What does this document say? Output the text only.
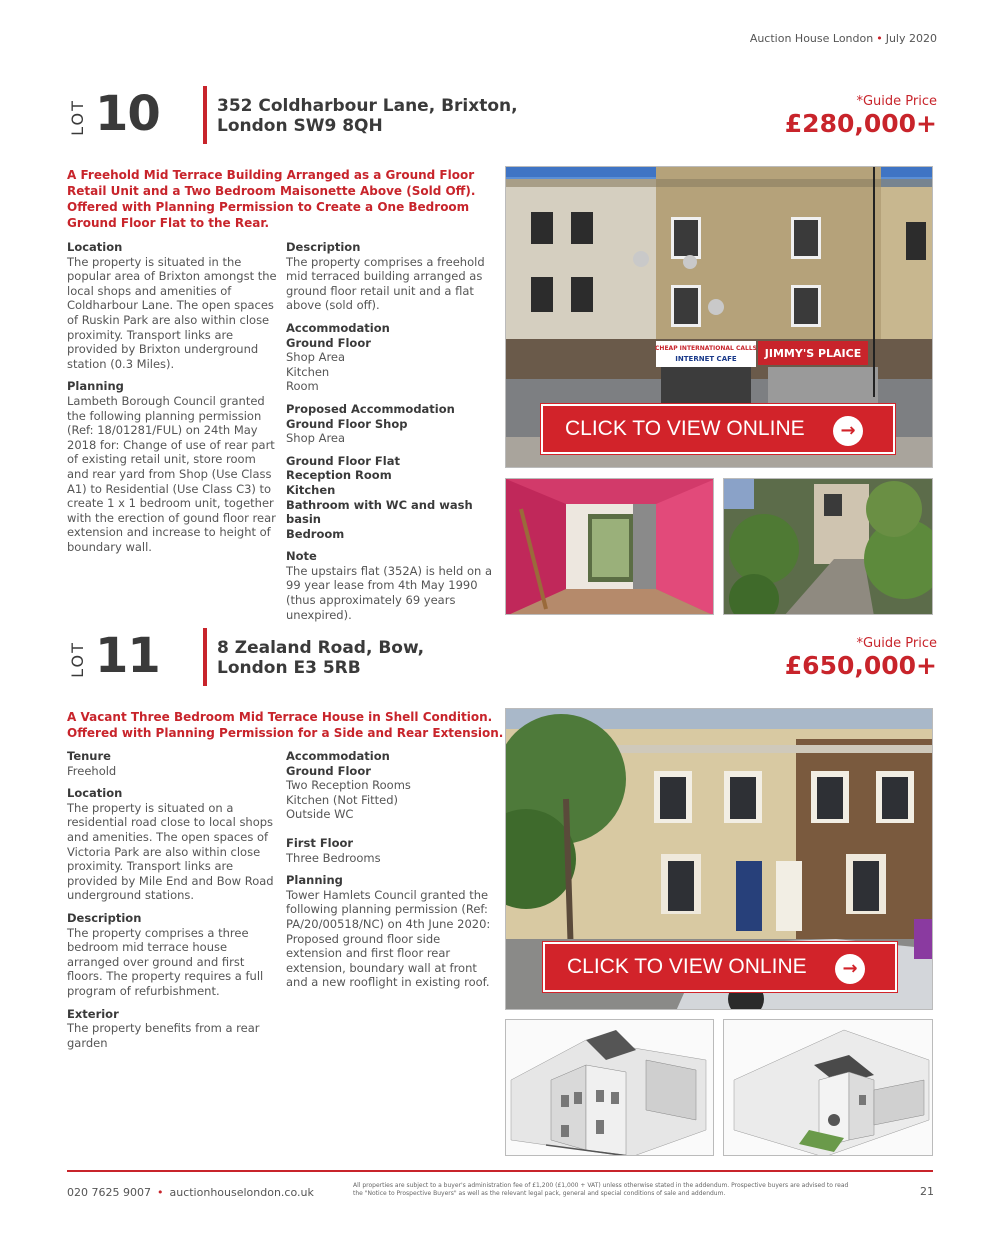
Auction House London • July 2020
LOT 10	352 Coldharbour Lane, Brixton,
London SW9 8QH
*Guide Price
£280,000+
A Freehold Mid Terrace Building Arranged as a Ground Floor Retail Unit and a Two Bedroom Maisonette Above (Sold Off). Offered with Planning Permission to Create a One Bedroom Ground Floor Flat to the Rear.
Location

The property is situated in the popular area of Brixton amongst the local shops and amenities of Coldharbour Lane. The open spaces of Ruskin Park are also within close proximity. Transport links are provided by Brixton underground station (0.3 Miles).

Planning

Lambeth Borough Council granted the following planning permission (Ref: 18/01281/FUL) on 24th May 2018 for: Change of use of rear part of existing retail unit, store room and rear yard from Shop (Use Class A1) to Residential (Use Class C3) to create 1 x 1 bedroom unit, together with the erection of gound floor rear extension and increase to height of boundary wall.

Description

The property comprises a freehold mid terraced building arranged as ground floor retail unit and a flat above (sold off).

Accommodation
Ground Floor
Shop Area
Kitchen
Room
Proposed Accommodation
Ground Floor Shop
Shop Area
Ground Floor Flat
Reception Room
Kitchen
Bathroom with WC and wash basin
Bedroom
Note

The upstairs flat (352A) is held on a 99 year lease from 4th May 1990 (thus approximately 69 years unexpired).

CHEAP INTERNATIONAL CALLS
INTERNET CAFE	JIMMY'S PLAICE
CLICK TO VIEW ONLINE	→
LOT 11	8 Zealand Road, Bow,
London E3 5RB
*Guide Price
£650,000+
A Vacant Three Bedroom Mid Terrace House in Shell Condition. Offered with Planning Permission for a Side and Rear Extension.
Tenure

Freehold

Location

The property is situated on a residential road close to local shops and amenities. The open spaces of Victoria Park are also within close proximity. Transport links are provided by Mile End and Bow Road underground stations.

Description

The property comprises a three bedroom mid terrace house arranged over ground and first floors. The property requires a full program of refurbishment.

Exterior

The property benefits from a rear garden

Accommodation
Ground Floor
Two Reception Rooms
Kitchen (Not Fitted)
Outside WC
First Floor
Three Bedrooms
Planning

Tower Hamlets Council granted the following planning permission (Ref: PA/20/00518/NC) on 4th June 2020: Proposed ground floor side extension and first floor rear extension, boundary wall at front and a new rooflight in existing roof.

CLICK TO VIEW ONLINE	→
020 7625 9007 • auctionhouselondon.co.uk
All properties are subject to a buyer's administration fee of £1,200 (£1,000 + VAT) unless otherwise stated in the addendum. Prospective buyers are advised to read the "Notice to Prospective Buyers" as well as the relevant legal pack, general and special conditions of sale and addendum.	21
